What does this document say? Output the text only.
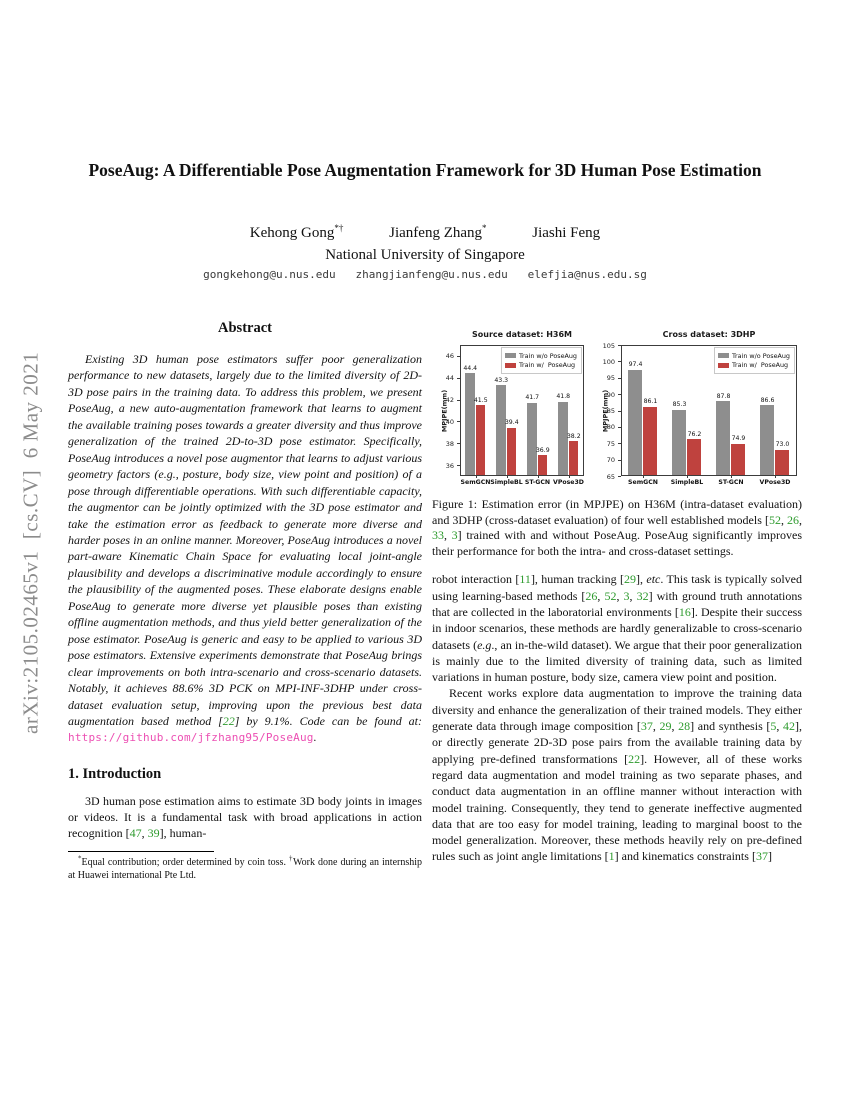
arXiv:2105.02465v1  [cs.CV]  6 May 2021
PoseAug: A Differentiable Pose Augmentation Framework for 3D Human Pose Estimation
Kehong Gong*†	Jianfeng Zhang*	Jiashi Feng
National University of Singapore
gongkehong@u.nus.edu   zhangjianfeng@u.nus.edu   elefjia@nus.edu.sg
Abstract

Existing 3D human pose estimators suffer poor generalization performance to new datasets, largely due to the limited diversity of 2D-3D pose pairs in the training data. To address this problem, we present PoseAug, a new auto-augmentation framework that learns to augment the available training poses towards a greater diversity and thus improve generalization of the trained 2D-to-3D pose estimator. Specifically, PoseAug introduces a novel pose augmentor that learns to adjust various geometry factors (e.g., posture, body size, view point and position) of a pose through differentiable operations. With such differentiable capacity, the augmentor can be jointly optimized with the 3D pose estimator and take the estimation error as feedback to generate more diverse and harder poses in an online manner. Moreover, PoseAug introduces a novel part-aware Kinematic Chain Space for evaluating local joint-angle plausibility and develops a discriminative module accordingly to ensure the plausibility of the augmented poses. These elaborate designs enable PoseAug to generate more diverse yet plausible poses than existing offline augmentation methods, and thus yield better generalization of the pose estimator. PoseAug is generic and easy to be applied to various 3D pose estimators. Extensive experiments demonstrate that PoseAug brings clear improvements on both intra-scenario and cross-scenario datasets. Notably, it achieves 88.6% 3D PCK on MPI-INF-3DHP under cross-dataset evaluation setup, improving upon the previous best data augmentation based method [22] by 9.1%. Code can be found at: https://github.com/jfzhang95/PoseAug.

1. Introduction

3D human pose estimation aims to estimate 3D body joints in images or videos. It is a fundamental task with broad applications in action recognition [47, 39], human-

*Equal contribution; order determined by coin toss. †Work done during an internship at Huawei international Pte Ltd.

Source dataset: H36M
36
38
40
42
44
46
MPJPE(mm)
44.4
43.3
41.7	41.8
41.5
39.4
36.9
38.2
SemGCN SimpleBL ST-GCN VPose3D
Train w/o PoseAug
Train w/  PoseAug
Cross dataset: 3DHP
65
70
75
80
85
90
95
100
105
MPJPE(mm)
97.4
85.3
87.8
86.6
86.1
76.2
74.9
73.0
SemGCN	SimpleBL	ST-GCN	VPose3D
Train w/o PoseAug
Train w/  PoseAug

Figure 1: Estimation error (in MPJPE) on H36M (intra-dataset evaluation) and 3DHP (cross-dataset evaluation) of four well established models [52, 26, 33, 3] trained with and without PoseAug. PoseAug significantly improves their performance for both the intra- and cross-dataset settings.

robot interaction [11], human tracking [29], etc. This task is typically solved using learning-based methods [26, 52, 3, 32] with ground truth annotations that are collected in the laboratorial environments [16]. Despite their success in indoor scenarios, these methods are hardly generalizable to cross-scenario datasets (e.g., an in-the-wild dataset). We argue that their poor generalization is mainly due to the limited diversity of training data, such as limited variations in human posture, body size, camera view point and position.

Recent works explore data augmentation to improve the training data diversity and enhance the generalization of their trained models. They either generate data through image composition [37, 29, 28] and synthesis [5, 42], or directly generate 2D-3D pose pairs from the available training data by applying pre-defined transformations [22]. However, all of these works regard data augmentation and model training as two separate phases, and conduct data augmentation in an offline manner without interaction with model training. Consequently, they tend to generate ineffective augmented data that are too easy for model training, leading to marginal boost to the model generalization. Moreover, these methods heavily rely on pre-defined rules such as joint angle limitations [1] and kinematics constraints [37]
